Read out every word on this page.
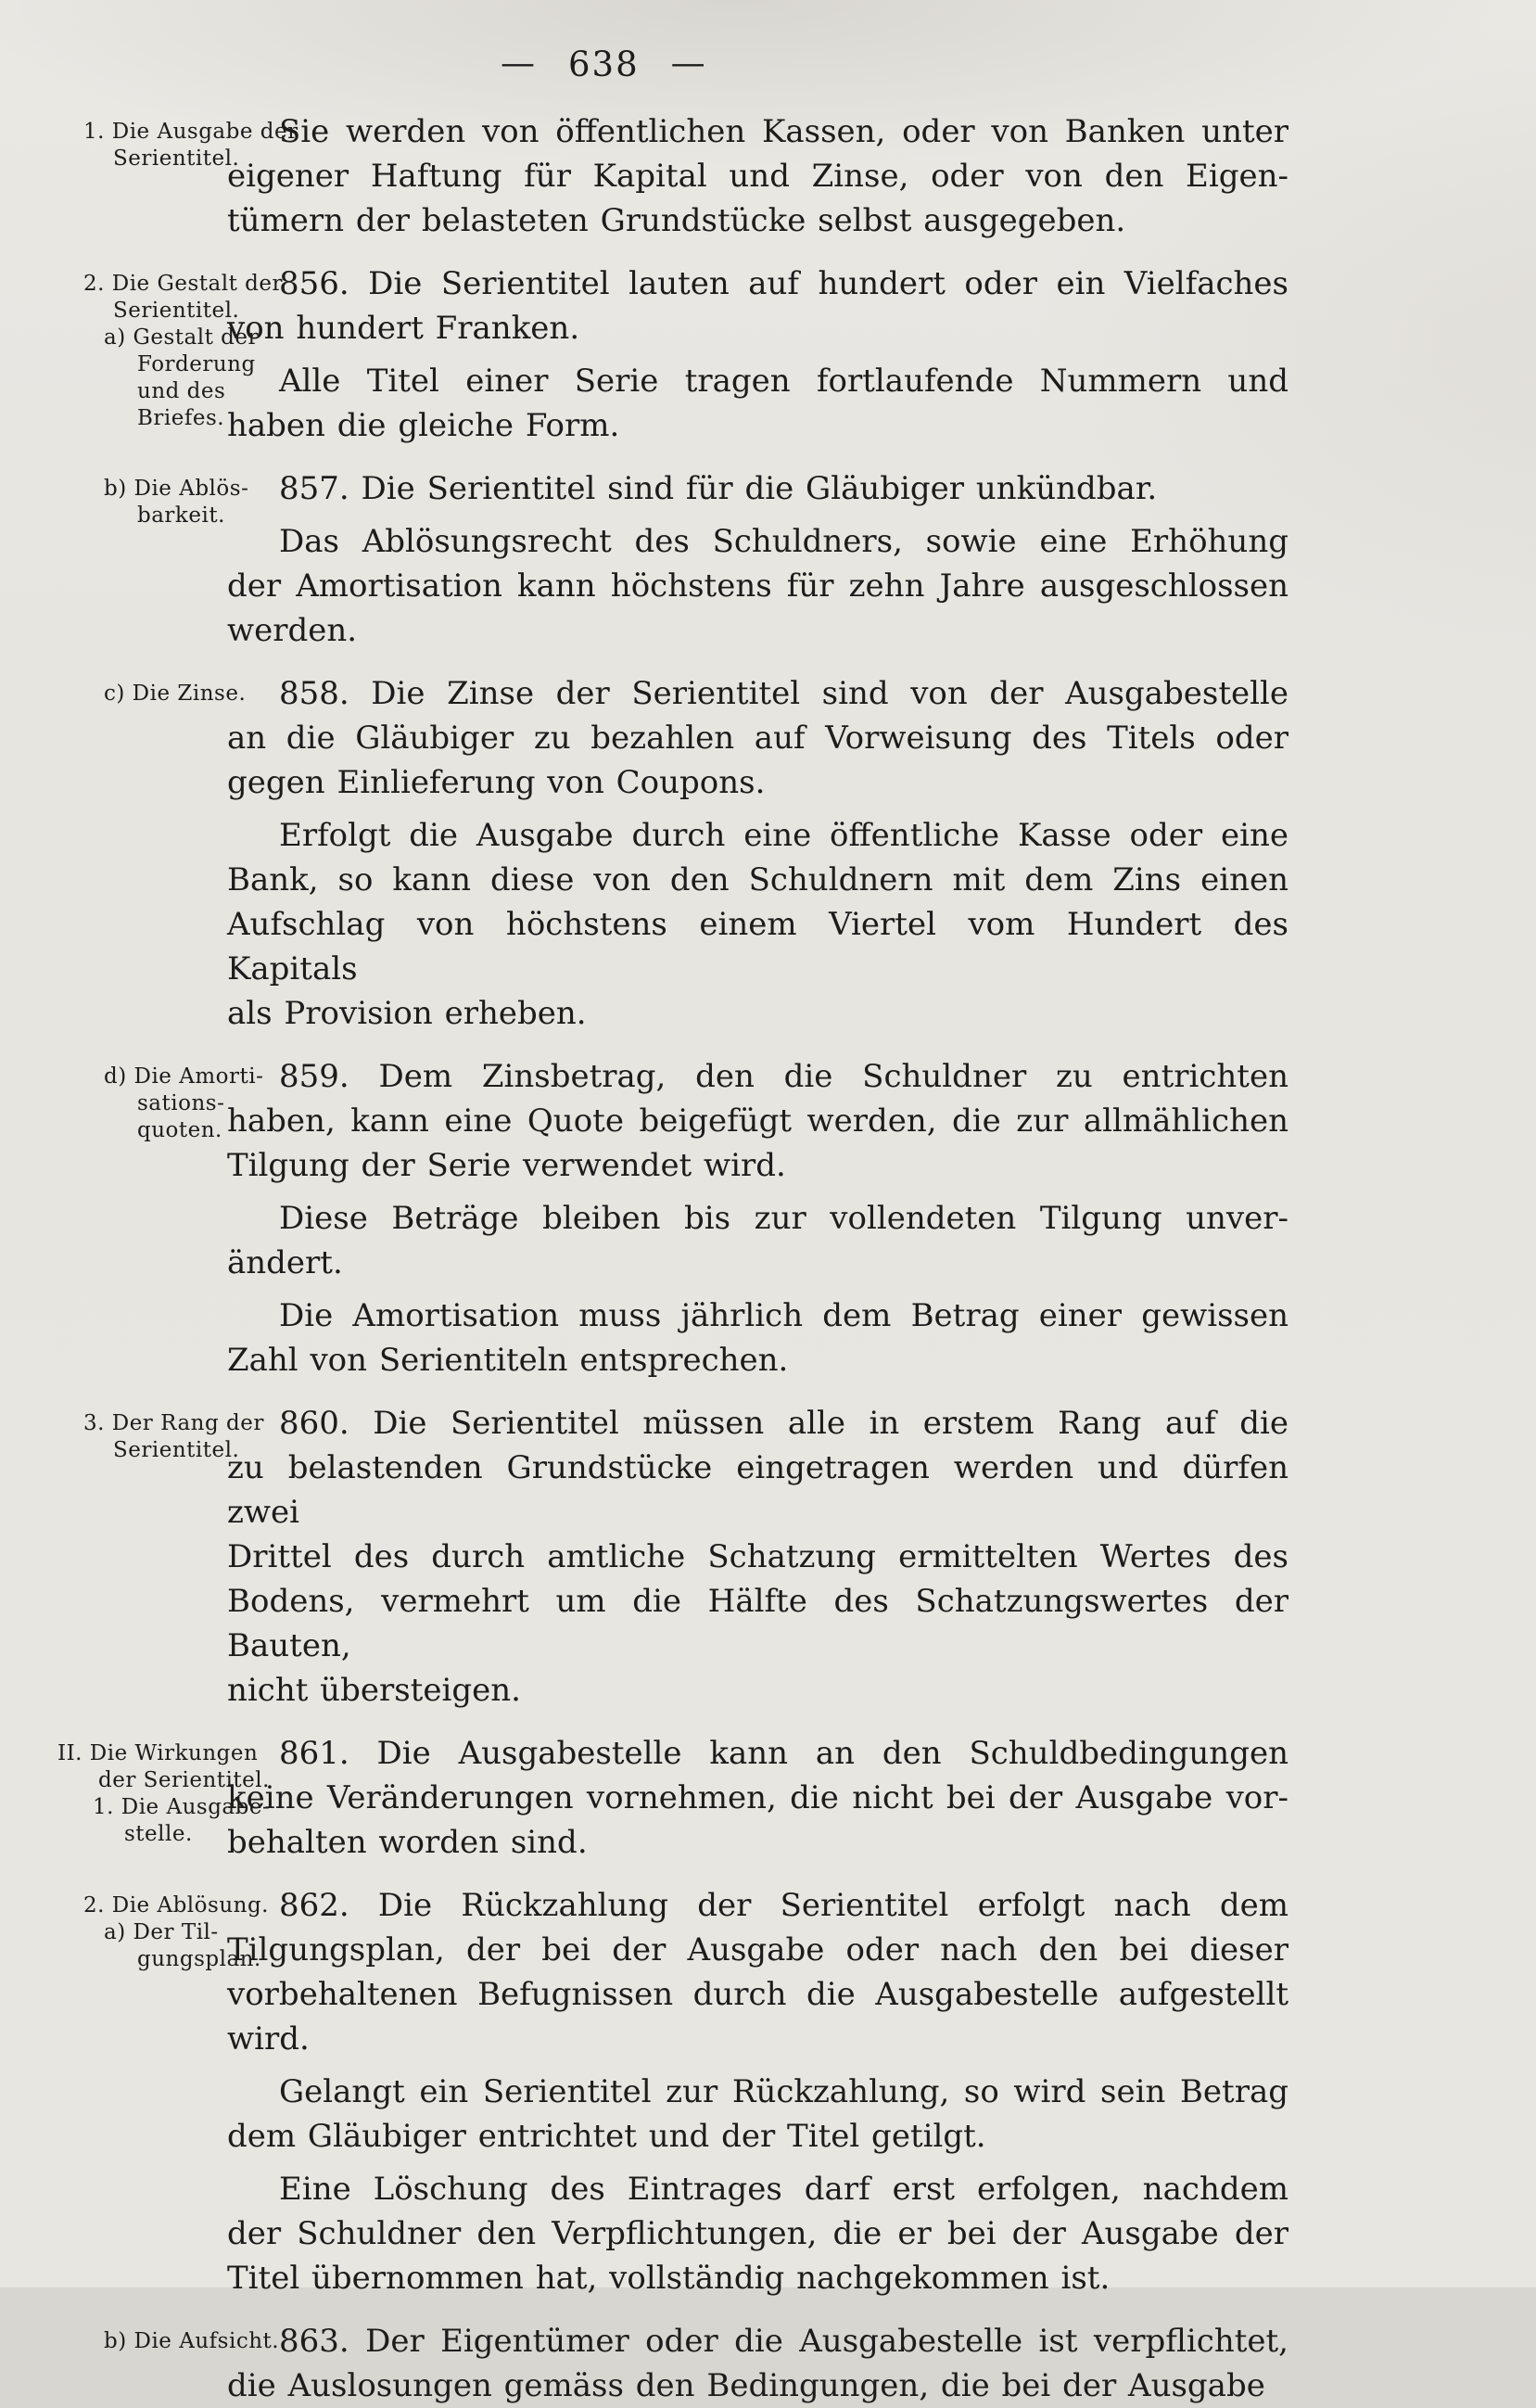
— 638 —
1. Die Ausgabe der
Serientitel.
Sie werden von öffentlichen Kassen, oder von Banken unter
eigener Haftung für Kapital und Zinse, oder von den Eigen-
tümern der belasteten Grundstücke selbst ausgegeben.
2. Die Gestalt der
Serientitel.
a) Gestalt der
Forderung
und des
Briefes.
856. Die Serientitel lauten auf hundert oder ein Vielfaches
von hundert Franken.
Alle Titel einer Serie tragen fortlaufende Nummern und
haben die gleiche Form.
b) Die Ablös-
barkeit.
857. Die Serientitel sind für die Gläubiger unkündbar.
Das Ablösungsrecht des Schuldners, sowie eine Erhöhung
der Amortisation kann höchstens für zehn Jahre ausgeschlossen
werden.
c) Die Zinse.	858. Die Zinse der Serientitel sind von der Ausgabestelle
an die Gläubiger zu bezahlen auf Vorweisung des Titels oder
gegen Einlieferung von Coupons.
Erfolgt die Ausgabe durch eine öffentliche Kasse oder eine
Bank, so kann diese von den Schuldnern mit dem Zins einen
Aufschlag von höchstens einem Viertel vom Hundert des Kapitals
als Provision erheben.
d) Die Amorti-
sations-
quoten.
859. Dem Zinsbetrag, den die Schuldner zu entrichten
haben, kann eine Quote beigefügt werden, die zur allmählichen
Tilgung der Serie verwendet wird.
Diese Beträge bleiben bis zur vollendeten Tilgung unver-
ändert.
Die Amortisation muss jährlich dem Betrag einer gewissen
Zahl von Serientiteln entsprechen.
3. Der Rang der
Serientitel.
860. Die Serientitel müssen alle in erstem Rang auf die
zu belastenden Grundstücke eingetragen werden und dürfen zwei
Drittel des durch amtliche Schatzung ermittelten Wertes des
Bodens, vermehrt um die Hälfte des Schatzungswertes der Bauten,
nicht übersteigen.
II. Die Wirkungen
der Serientitel.
1. Die Ausgabe-
stelle.
861. Die Ausgabestelle kann an den Schuldbedingungen
keine Veränderungen vornehmen, die nicht bei der Ausgabe vor-
behalten worden sind.
2. Die Ablösung.
a) Der Til-
gungsplan.
862. Die Rückzahlung der Serientitel erfolgt nach dem
Tilgungsplan, der bei der Ausgabe oder nach den bei dieser
vorbehaltenen Befugnissen durch die Ausgabestelle aufgestellt
wird.
Gelangt ein Serientitel zur Rückzahlung, so wird sein Betrag
dem Gläubiger entrichtet und der Titel getilgt.
Eine Löschung des Eintrages darf erst erfolgen, nachdem
der Schuldner den Verpflichtungen, die er bei der Ausgabe der
Titel übernommen hat, vollständig nachgekommen ist.
b) Die Aufsicht. 863. Der Eigentümer oder die Ausgabestelle ist verpflichtet,
die Auslosungen gemäss den Bedingungen, die bei der Ausgabe
